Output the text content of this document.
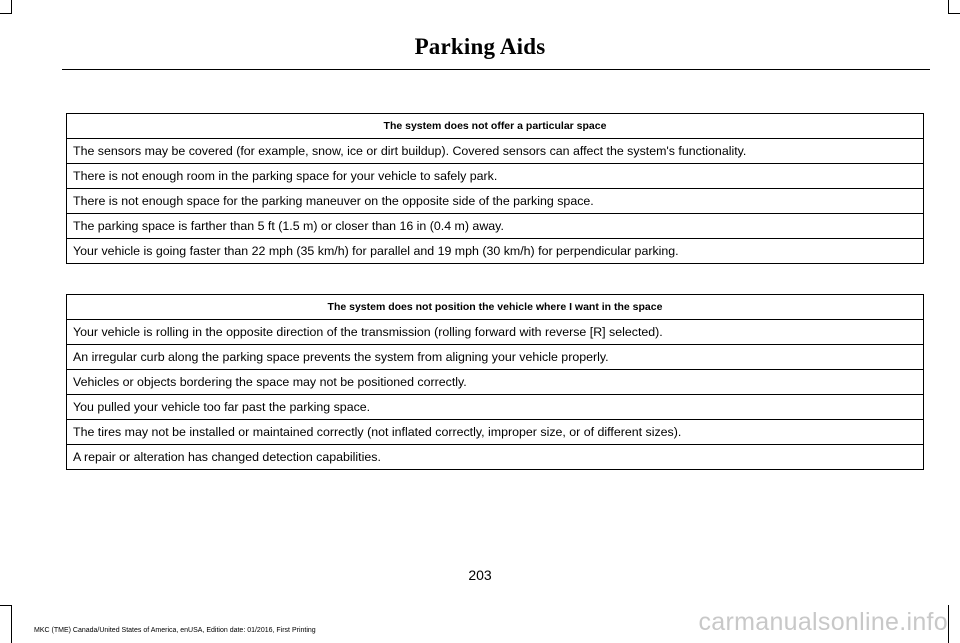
Parking Aids
The system does not offer a particular space
The sensors may be covered (for example, snow, ice or dirt buildup). Covered sensors can affect the system's functionality.
There is not enough room in the parking space for your vehicle to safely park.
There is not enough space for the parking maneuver on the opposite side of the parking space.
The parking space is farther than 5 ft (1.5 m) or closer than 16 in (0.4 m) away.
Your vehicle is going faster than 22 mph (35 km/h) for parallel and 19 mph (30 km/h) for perpendicular parking.
The system does not position the vehicle where I want in the space
Your vehicle is rolling in the opposite direction of the transmission (rolling forward with reverse [R] selected).
An irregular curb along the parking space prevents the system from aligning your vehicle properly.
Vehicles or objects bordering the space may not be positioned correctly.
You pulled your vehicle too far past the parking space.
The tires may not be installed or maintained correctly (not inflated correctly, improper size, or of different sizes).
A repair or alteration has changed detection capabilities.
203
MKC (TME) Canada/United States of America, enUSA, Edition date: 01/2016, First Printing	carmanualsonline.info
